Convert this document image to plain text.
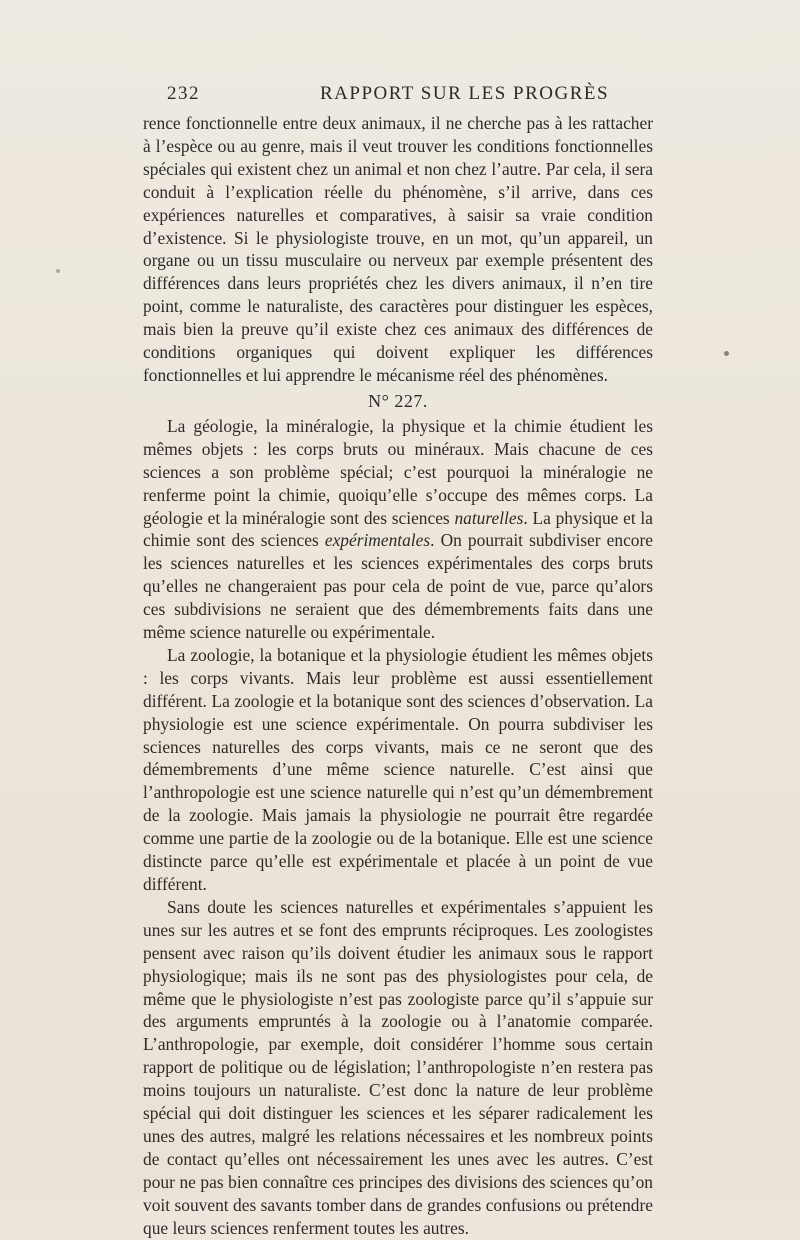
232	RAPPORT SUR LES PROGRÈS

rence fonctionnelle entre deux animaux, il ne cherche pas à les rattacher à l’espèce ou au genre, mais il veut trouver les conditions fonctionnelles spéciales qui existent chez un animal et non chez l’autre. Par cela, il sera conduit à l’explication réelle du phénomène, s’il arrive, dans ces expériences naturelles et comparatives, à saisir sa vraie condition d’existence. Si le physiologiste trouve, en un mot, qu’un appareil, un organe ou un tissu musculaire ou nerveux par exemple présentent des différences dans leurs propriétés chez les divers animaux, il n’en tire point, comme le naturaliste, des caractères pour distinguer les espèces, mais bien la preuve qu’il existe chez ces animaux des différences de conditions organiques qui doivent expliquer les différences fonctionnelles et lui apprendre le mécanisme réel des phénomènes.

N° 227.

La géologie, la minéralogie, la physique et la chimie étudient les mêmes objets : les corps bruts ou minéraux. Mais chacune de ces sciences a son problème spécial; c’est pourquoi la minéralogie ne renferme point la chimie, quoiqu’elle s’occupe des mêmes corps. La géologie et la minéralogie sont des sciences naturelles. La physique et la chimie sont des sciences expérimentales. On pourrait subdiviser encore les sciences naturelles et les sciences expérimentales des corps bruts qu’elles ne changeraient pas pour cela de point de vue, parce qu’alors ces subdivisions ne seraient que des démembrements faits dans une même science naturelle ou expérimentale.

La zoologie, la botanique et la physiologie étudient les mêmes objets : les corps vivants. Mais leur problème est aussi essentiellement différent. La zoologie et la botanique sont des sciences d’observation. La physiologie est une science expérimentale. On pourra subdiviser les sciences naturelles des corps vivants, mais ce ne seront que des démembrements d’une même science naturelle. C’est ainsi que l’anthropologie est une science naturelle qui n’est qu’un démembrement de la zoologie. Mais jamais la physiologie ne pourrait être regardée comme une partie de la zoologie ou de la botanique. Elle est une science distincte parce qu’elle est expérimentale et placée à un point de vue différent.

Sans doute les sciences naturelles et expérimentales s’appuient les unes sur les autres et se font des emprunts réciproques. Les zoologistes pensent avec raison qu’ils doivent étudier les animaux sous le rapport physiologique; mais ils ne sont pas des physiologistes pour cela, de même que le physiologiste n’est pas zoologiste parce qu’il s’appuie sur des arguments empruntés à la zoologie ou à l’anatomie comparée. L’anthropologie, par exemple, doit considérer l’homme sous certain rapport de politique ou de législation; l’anthropologiste n’en restera pas moins toujours un naturaliste. C’est donc la nature de leur problème spécial qui doit distinguer les sciences et les séparer radicalement les unes des autres, malgré les relations nécessaires et les nombreux points de contact qu’elles ont nécessairement les unes avec les autres. C’est pour ne pas bien connaître ces principes des divisions des sciences qu’on voit souvent des savants tomber dans de grandes confusions ou prétendre que leurs sciences renferment toutes les autres.
